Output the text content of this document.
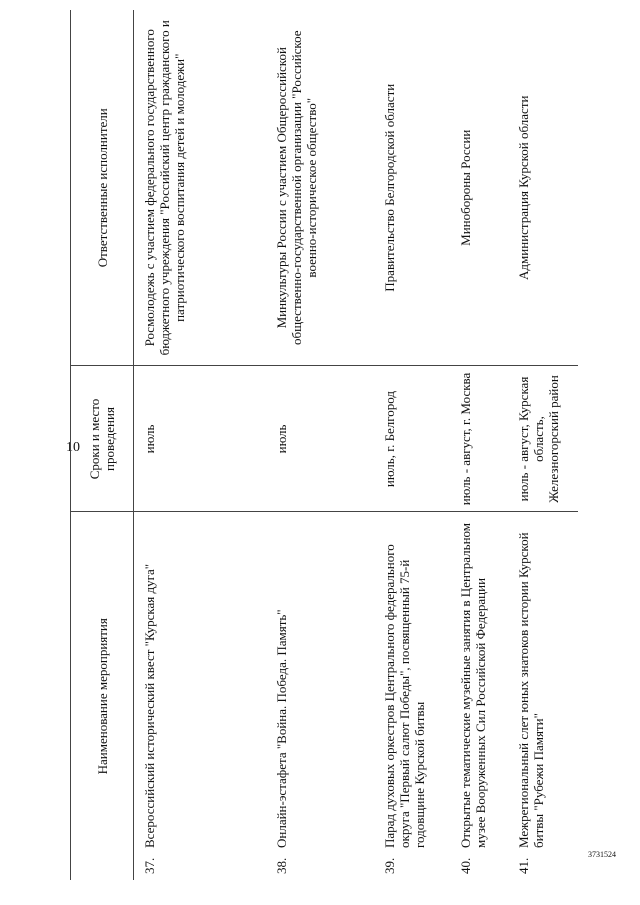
10
3731524
Наименование мероприятия		Сроки и место проведения	Ответственные исполнители
37.	Всероссийский исторический квест "Курская дуга"	июль	Росмолодежь с участием федерального государственного бюджетного учреждения "Российский центр гражданского и патриотического воспитания детей и молодежи"
38.	Онлайн-эстафета "Война. Победа. Память"	июль	Минкультуры России с участием Общероссийской общественно-государственной организации "Российское военно-историческое общество"
39.	Парад духовых оркестров Центрального федерального округа "Первый салют Победы", посвященный 75-й годовщине Курской битвы	июль, г. Белгород	Правительство Белгородской области
40.	Открытые тематические музейные занятия в Центральном музее Вооруженных Сил Российской Федерации	июль - август, г. Москва	Минобороны России
41.	Межрегиональный слет юных знатоков истории Курской битвы "Рубежи Памяти"	июль - август, Курская область, Железногорский район	Администрация Курской области
